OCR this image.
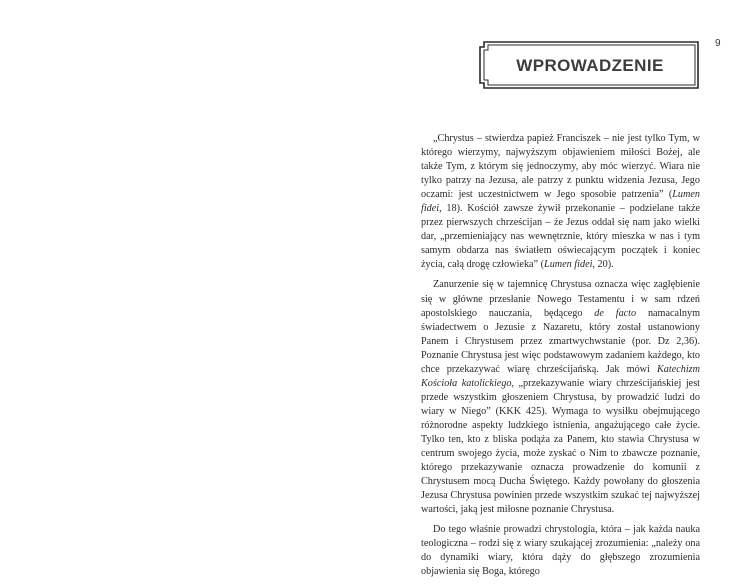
9
WPROWADZENIE

„Chrystus – stwierdza papież Franciszek – nie jest tylko Tym, w którego wierzymy, najwyższym objawieniem miłości Bożej, ale także Tym, z którym się jednoczymy, aby móc wierzyć. Wiara nie tylko patrzy na Jezusa, ale patrzy z punktu widzenia Jezusa, Jego oczami: jest uczestnictwem w Jego sposobie patrzenia” (Lumen fidei, 18). Kościół zawsze żywił przekonanie – podzielane także przez pierwszych chrześcijan – że Jezus oddał się nam jako wielki dar, „przemieniający nas wewnętrznie, który mieszka w nas i tym samym obdarza nas światłem oświecającym początek i koniec życia, całą drogę człowieka” (Lumen fidei, 20).

Zanurzenie się w tajemnicę Chrystusa oznacza więc zagłębienie się w główne przesłanie Nowego Testamentu i w sam rdzeń apostolskiego nauczania, będącego de facto namacalnym świadectwem o Jezusie z Nazaretu, który został ustanowiony Panem i Chrystusem przez zmartwychwstanie (por. Dz 2,36). Poznanie Chrystusa jest więc podstawowym zadaniem każdego, kto chce przekazywać wiarę chrześcijańską. Jak mówi Katechizm Kościoła katolickiego, „przekazywanie wiary chrześcijańskiej jest przede wszystkim głoszeniem Chrystusa, by prowadzić ludzi do wiary w Niego” (KKK 425). Wymaga to wysiłku obejmującego różnorodne aspekty ludzkiego istnienia, angażującego całe życie. Tylko ten, kto z bliska podąża za Panem, kto stawia Chrystusa w centrum swojego życia, może zyskać o Nim to zbawcze poznanie, którego przekazywanie oznacza prowadzenie do komunii z Chrystusem mocą Ducha Świętego. Każdy powołany do głoszenia Jezusa Chrystusa powinien przede wszystkim szukać tej najwyższej wartości, jaką jest miłosne poznanie Chrystusa.

Do tego właśnie prowadzi chrystologia, która – jak każda nauka teologiczna – rodzi się z wiary szukającej zrozumienia: „należy ona do dynamiki wiary, która dąży do głębszego zrozumienia objawienia się Boga, którego
